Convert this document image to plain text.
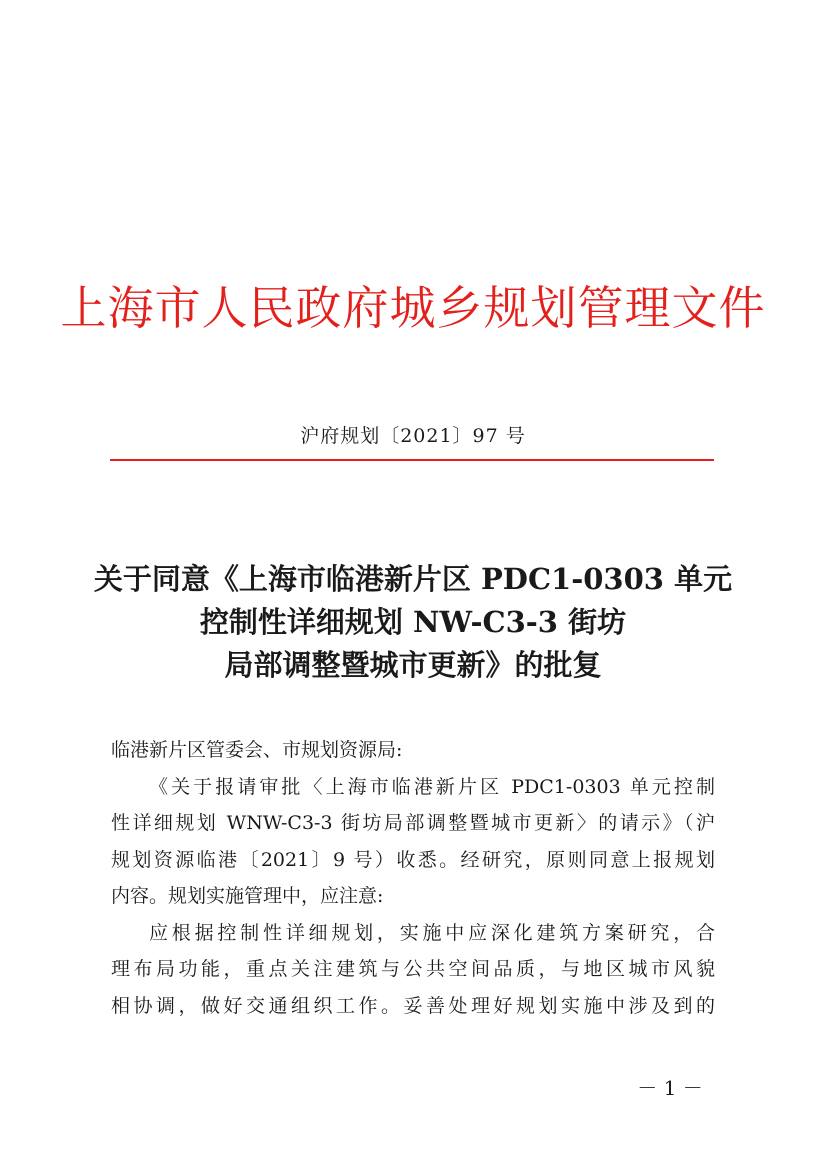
上海市人民政府城乡规划管理文件
沪府规划〔2021〕97 号
关于同意《上海市临港新片区 PDC1-0303 单元
控制性详细规划 NW-C3-3 街坊
局部调整暨城市更新》的批复

临港新片区管委会、市规划资源局:

《关于报请审批〈上海市临港新片区 PDC1-0303 单元控制
性详细规划 WNW-C3-3 街坊局部调整暨城市更新〉的请示》（沪
规划资源临港〔2021〕9 号）收悉。经研究，原则同意上报规划
内容。规划实施管理中，应注意:

应根据控制性详细规划，实施中应深化建筑方案研究，合
理布局功能，重点关注建筑与公共空间品质，与地区城市风貌
相协调，做好交通组织工作。妥善处理好规划实施中涉及到的

－ 1 －
